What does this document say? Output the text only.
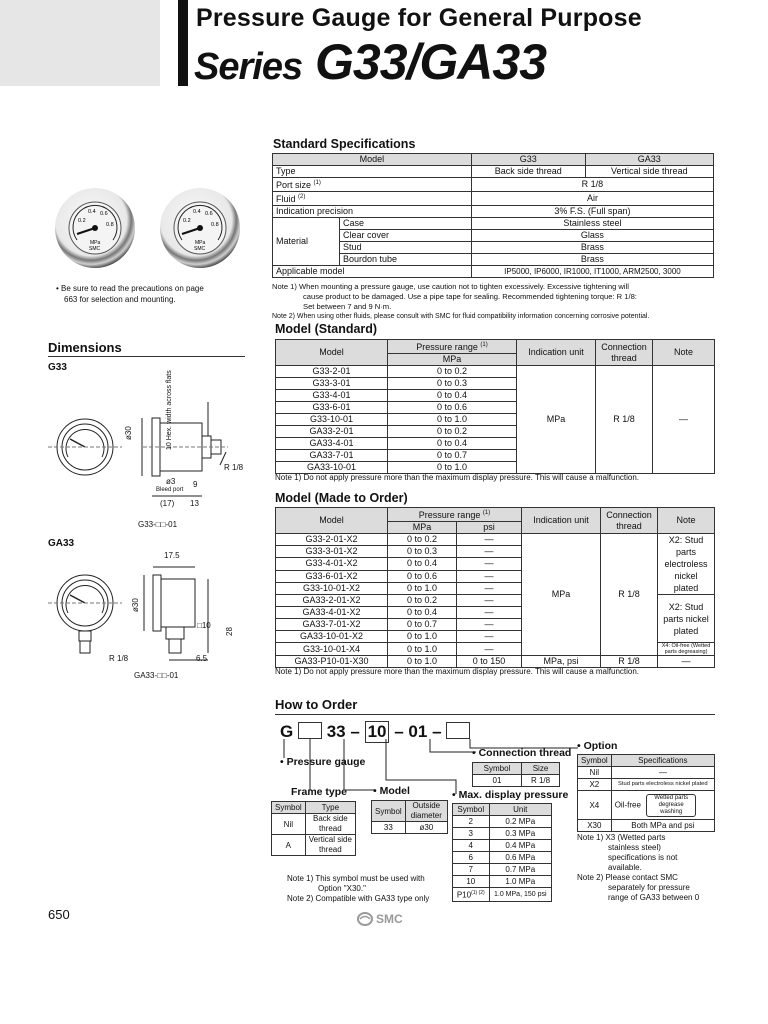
Pressure Gauge for General Purpose
Series G33/GA33
0.2
0.4 0.6
0.8
MPa
SMC
0.2
0.4 0.6
0.8
MPa
SMC
• Be sure to read the precautions on page
663 for selection and mounting.
Dimensions
G33
GA33
ø30	10 Hex. width across flats
R 1/8
ø3
Bleed port
9
(17) 13
G33-□□-01
17.5
ø30
□10
28
R 1/8	6.5
GA33-□□-01
Standard Specifications
Model		G33	GA33
Type		Back side thread	Vertical side thread
Port size $^{(1)}$		R 1/8	
Fluid $^{(2)}$		Air	
Indication precision		3% F.S. (Full span)	
Material	Case	Stainless steel	
	Clear cover	Glass	
	Stud	Brass	
	Bourdon tube	Brass	
Applicable model		IP5000, IP6000, IR1000, IT1000, ARM2500, 3000	
Note 1) When mounting a pressure gauge, use caution not to tighten excessively. Excessive tightening will
cause product to be damaged. Use a pipe tape for sealing. Recommended tightening torque: R 1/8:
Set between 7 and 9 N·m.
Note 2) When using other fluids, please consult with SMC for fluid compatibility information concerning corrosive potential.
Model (Standard)
Model	Pressure range $^{(1)}$	Indication unit	Connection thread	Note
	MPa			
G33-2-01	0 to 0.2	MPa	R 1/8	—
G33-3-01	0 to 0.3			
G33-4-01	0 to 0.4			
G33-6-01	0 to 0.6			
G33-10-01	0 to 1.0			
GA33-2-01	0 to 0.2			
GA33-4-01	0 to 0.4			
GA33-7-01	0 to 0.7			
GA33-10-01	0 to 1.0			
Note 1) Do not apply pressure more than the maximum display pressure. This will cause a malfunction.
Model (Made to Order)
Model	Pressure range $^{(1)}$		Indication unit	Connection thread	Note
	MPa	psi			
G33-2-01-X2	0 to 0.2	—	MPa	R 1/8	X2: Stud parts electroless nickel plated
G33-3-01-X2	0 to 0.3	—			
G33-4-01-X2	0 to 0.4	—			
G33-6-01-X2	0 to 0.6	—			
G33-10-01-X2	0 to 1.0	—			
GA33-2-01-X2	0 to 0.2	—			X2: Stud parts nickel plated
GA33-4-01-X2	0 to 0.4	—			
GA33-7-01-X2	0 to 0.7	—			
GA33-10-01-X2	0 to 1.0	—			
G33-10-01-X4	0 to 1.0	—			X4: Oil-free (Wetted parts degreasing)
GA33-P10-01-X30	0 to 1.0	0 to 150	MPa, psi	R 1/8	—
Note 1) Do not apply pressure more than the maximum display pressure. This will cause a malfunction.
How to Order
G 33 – 10 – 01 –
• Pressure gauge
Frame type • Model	• Max. display pressure
• Connection thread
• Option
Symbol	Type
Nil	Back side thread
A	Vertical side thread
Symbol	Outside diameter
33	ø30
Symbol	Size
01	R 1/8
Symbol	Unit
2	0.2 MPa
3	0.3 MPa
4	0.4 MPa
6	0.6 MPa
7	0.7 MPa
10	1.0 MPa
$P10^{(1) (2)}$	1.0 MPa, 150 psi
Symbol	Specifications
Nil	—
X2	Stud parts electroless nickel plated
X4	Oil-free Wetted parts degrease washing
X30	Both MPa and psi
Note 1) This symbol must be used with
Option "X30."
Note 2) Compatible with GA33 type only
Note 1) X3 (Wetted parts
stainless steel)
specifications is not
available.
Note 2) Please contact SMC
separately for pressure
range of GA33 between 0
650	SMC
